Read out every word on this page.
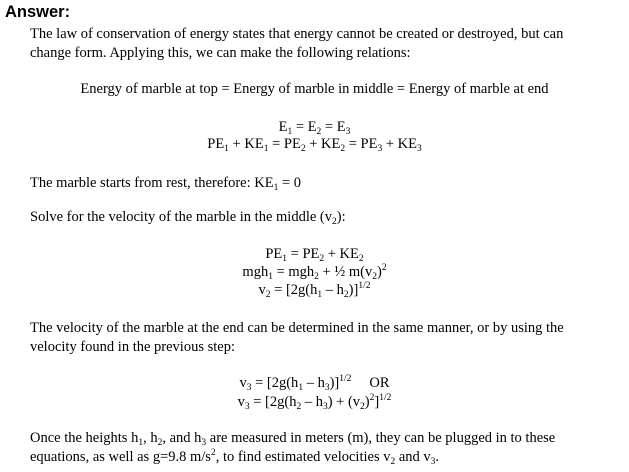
Answer:
The law of conservation of energy states that energy cannot be created or destroyed, but can
change form. Applying this, we can make the following relations:
Energy of marble at top = Energy of marble in middle = Energy of marble at end
$E_1 = E_2 = E_3$
$PE_1 + KE_1 = PE_2 + KE_2 = PE_3 + KE_3$
The marble starts from rest, therefore: $KE_1 = 0$
Solve for the velocity of the marble in the middle $(v_2)$:
$PE_1 = PE_2 + KE_2$
mgh$_1$ = mgh$_2$ + ½ $m(v_2)^2$
$v_2 = [2g(h_1 - h_2)]^{1/2}$
The velocity of the marble at the end can be determined in the same manner, or by using the
velocity found in the previous step:
$v_3 = [2g(h_1 - h_3)]^{1/2}$ OR
$v_3 = [2g(h_2 - h_3) + (v_2)^2]^{1/2}$
Once the heights $h_1$, $h_2$, and $h_3$ are measured in meters (m), they can be plugged in to these
equations, as well as g=9.8 $m/s^2$, to find estimated velocities $v_2$ and $v_3$.
